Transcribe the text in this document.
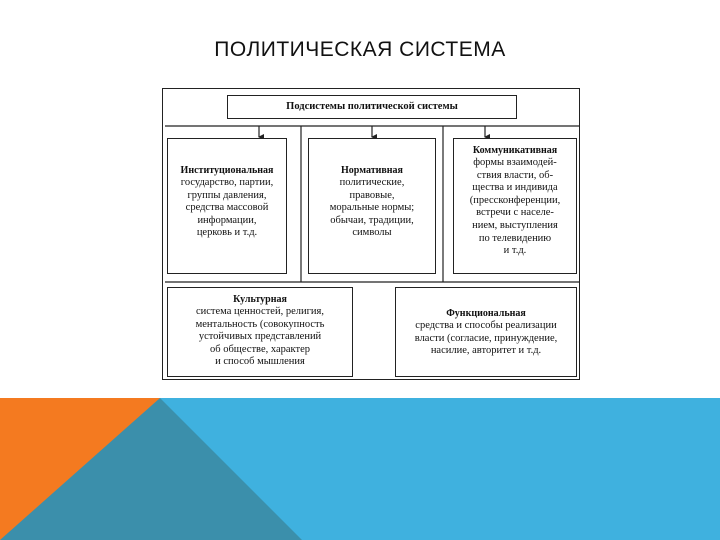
ПОЛИТИЧЕСКАЯ СИСТЕМА
Подсистемы политической системы
Институциональная
государство, партии,
группы давления,
средства массовой
информации,
церковь и т.д.
Нормативная
политические,
правовые,
моральные нормы;
обычаи, традиции,
символы
Коммуникативная
формы взаимодей-
ствия власти, об-
щества и индивида
(прессконференции,
встречи с населе-
нием, выступления
по телевидению
и т.д.
Культурная
система ценностей, религия,
ментальность (совокупность
устойчивых представлений
об обществе, характер
и способ мышления
Функциональная
средства и способы реализации
власти (согласие, принуждение,
насилие, авторитет и т.д.
